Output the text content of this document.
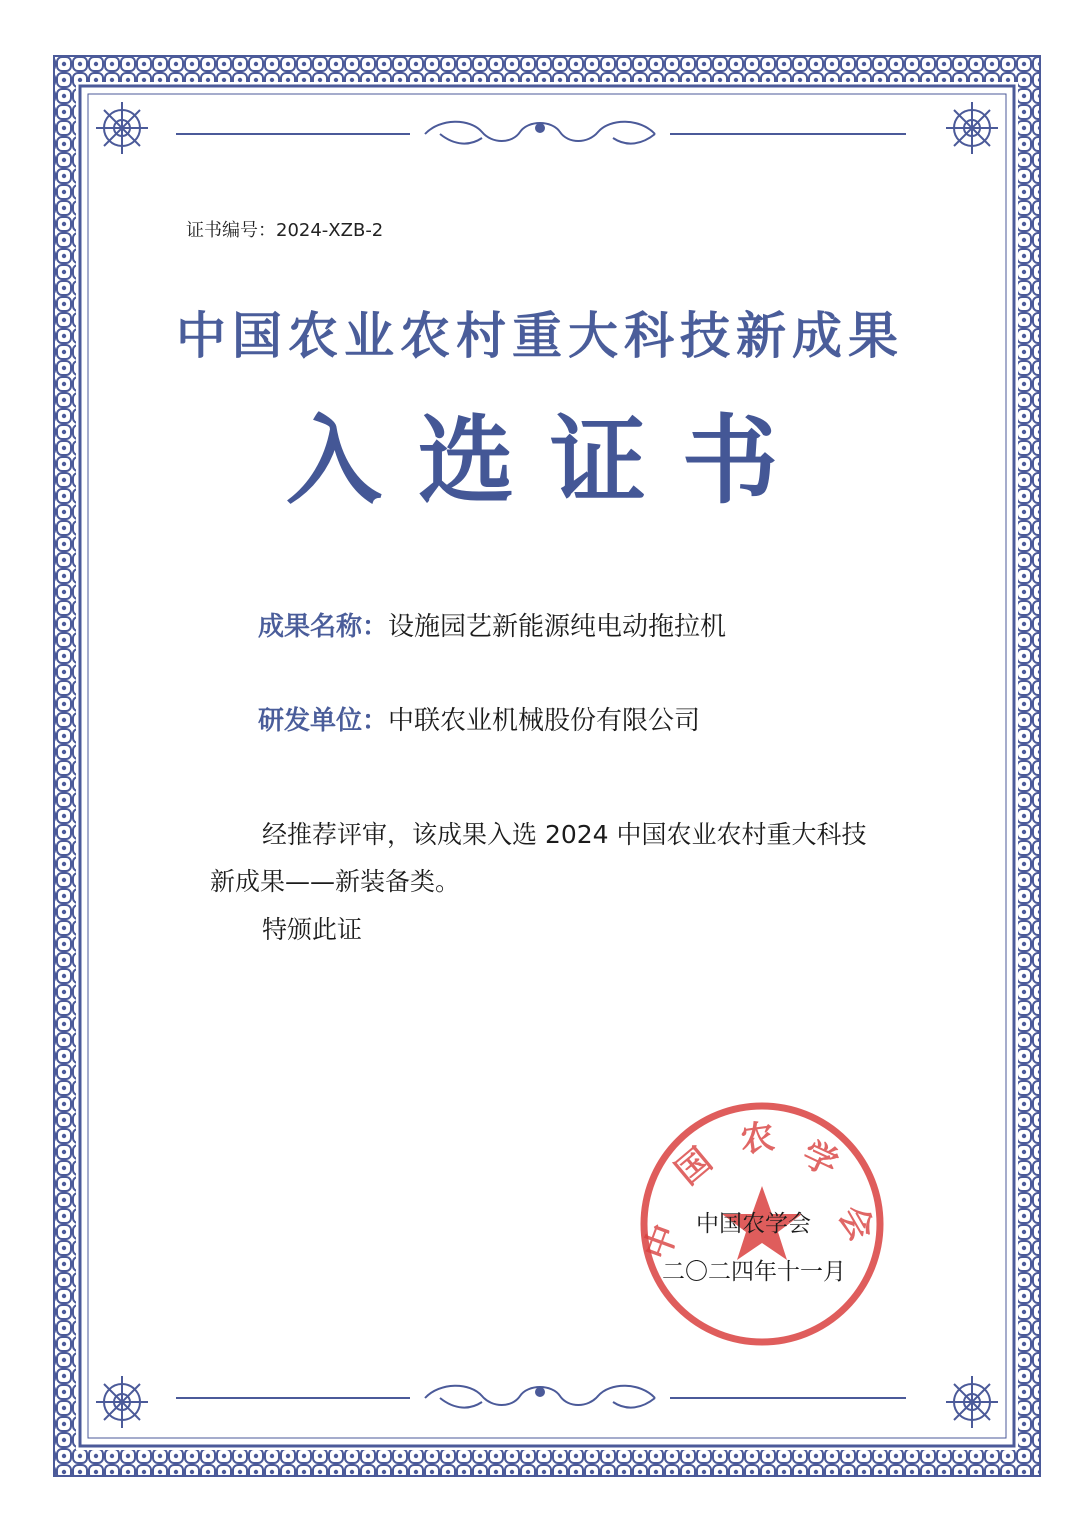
证书编号：2024-XZB-2
中国农业农村重大科技新成果
入选证书
成果名称：设施园艺新能源纯电动拖拉机
研发单位：中联农业机械股份有限公司
经推荐评审，该成果入选 2024 中国农业农村重大科技
新成果——新装备类。
特颁此证
中
国
农 学
会
中国农学会
二〇二四年十一月
